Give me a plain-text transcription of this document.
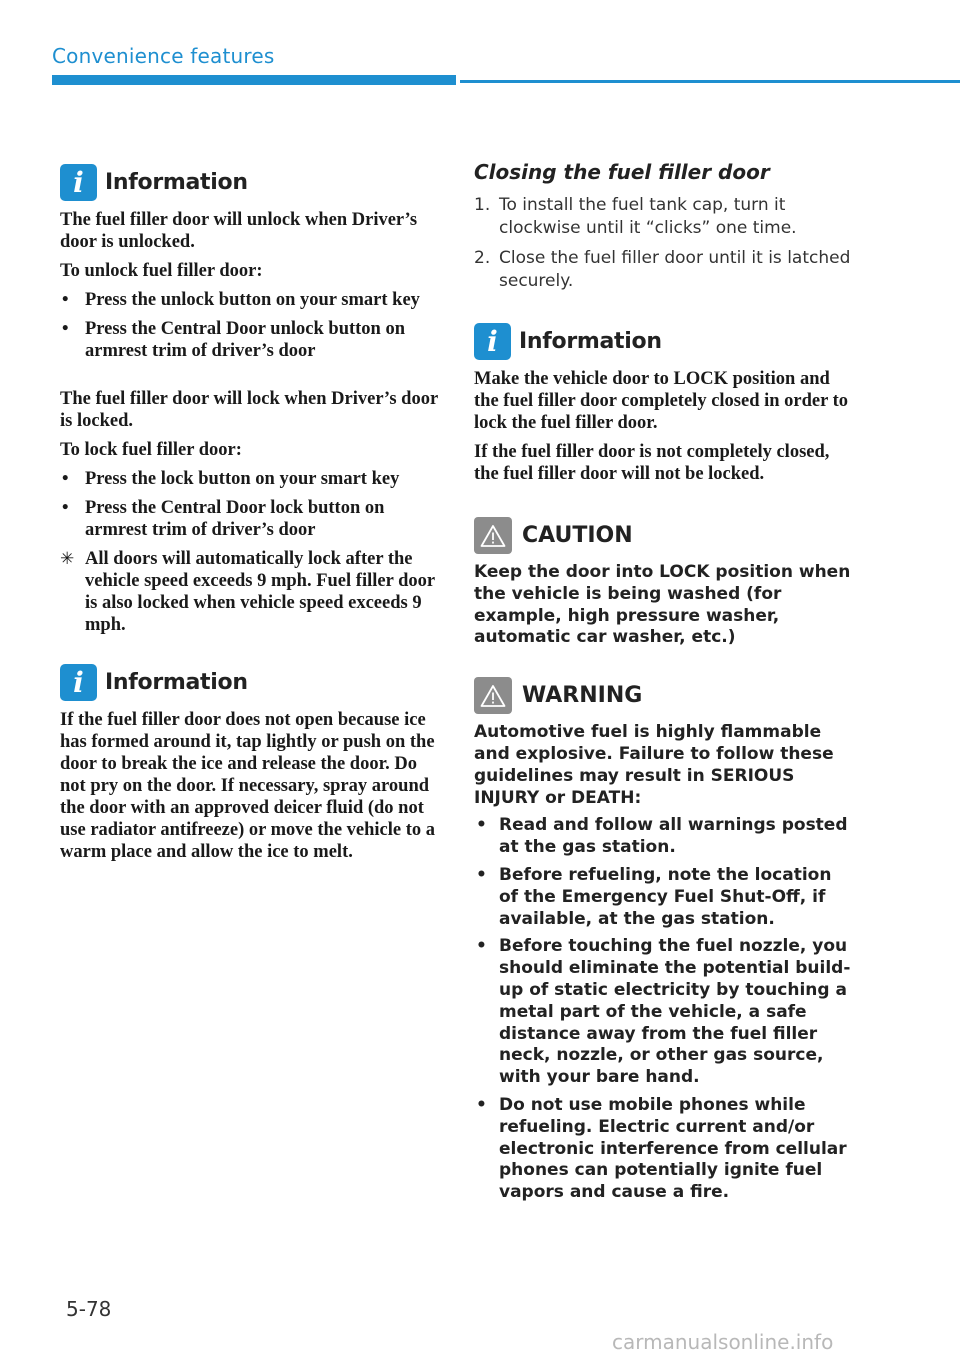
Convenience features
i Information

The fuel filler door will unlock when Driver’s door is unlocked.

To unlock fuel filler door:

• Press the unlock button on your smart key
• Press the Central Door unlock button on armrest trim of driver’s door

The fuel filler door will lock when Driver’s door is locked.

To lock fuel filler door:

• Press the lock button on your smart key
• Press the Central Door lock button on armrest trim of driver’s door
✳ All doors will automatically lock after the vehicle speed exceeds 9 mph. Fuel filler door is also locked when vehicle speed exceeds 9 mph.
i Information

If the fuel filler door does not open because ice has formed around it, tap lightly or push on the door to break the ice and release the door. Do not pry on the door. If necessary, spray around the door with an approved deicer fluid (do not use radiator antifreeze) or move the vehicle to a warm place and allow the ice to melt.

Closing the fuel filler door
1. To install the fuel tank cap, turn it clockwise until it “clicks” one time.
2. Close the fuel filler door until it is latched securely.
i Information

Make the vehicle door to LOCK position and the fuel filler door completely closed in order to lock the fuel filler door.

If the fuel filler door is not completely closed, the fuel filler door will not be locked.

CAUTION

Keep the door into LOCK position when the vehicle is being washed (for example, high pressure washer, automatic car washer, etc.)

WARNING

Automotive fuel is highly flammable and explosive. Failure to follow these guidelines may result in SERIOUS INJURY or DEATH:

• Read and follow all warnings posted at the gas station.
• Before refueling, note the location of the Emergency Fuel Shut-Off, if available, at the gas station.
• Before touching the fuel nozzle, you should eliminate the potential build-up of static electricity by touching a metal part of the vehicle, a safe distance away from the fuel filler neck, nozzle, or other gas source, with your bare hand.
• Do not use mobile phones while refueling. Electric current and/or electronic interference from cellular phones can potentially ignite fuel vapors and cause a fire.
5-78
carmanualsonline.info
